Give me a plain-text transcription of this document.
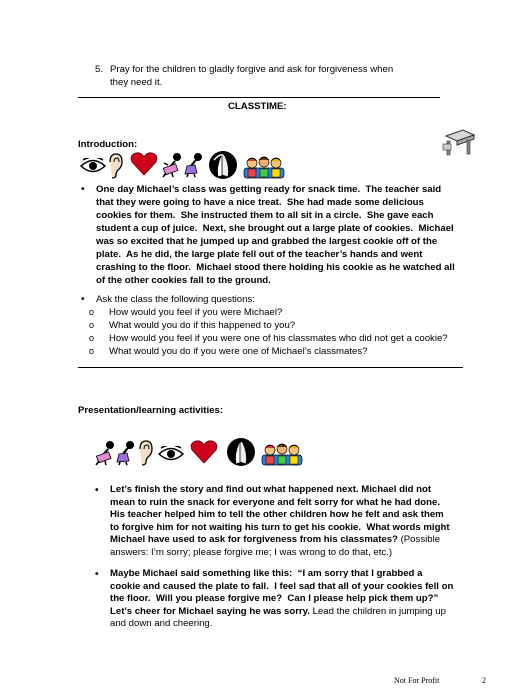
5. Pray for the children to gladly forgive and ask for forgiveness when
they need it.
CLASSTIME:
Introduction:
• One day Michael’s class was getting ready for snack time.  The teacher said
that they were going to have a nice treat.  She had made some delicious
cookies for them.  She instructed them to all sit in a circle.  She gave each
student a cup of juice.  Next, she brought out a large plate of cookies.  Michael
was so excited that he jumped up and grabbed the largest cookie off of the
plate.  As he did, the large plate fell out of the teacher’s hands and went
crashing to the floor.  Michael stood there holding his cookie as he watched all
of the other cookies fall to the ground.
• Ask the class the following questions:
o How would you feel if you were Michael?
o What would you do if this happened to you?
o How would you feel if you were one of his classmates who did not get a cookie?
o What would you do if you were one of Michael’s classmates?
Presentation/learning activities:
• Let’s finish the story and find out what happened next. Michael did not
mean to ruin the snack for everyone and felt sorry for what he had done.
His teacher helped him to tell the other children how he felt and ask them
to forgive him for not waiting his turn to get his cookie.  What words might
Michael have used to ask for forgiveness from his classmates? (Possible
answers: I’m sorry; please forgive me; I was wrong to do that, etc.)
• Maybe Michael said something like this:  “I am sorry that I grabbed a
cookie and caused the plate to fall.  I feel sad that all of your cookies fell on
the floor.  Will you please forgive me?  Can I please help pick them up?”
Let’s cheer for Michael saying he was sorry. Lead the children in jumping up
and down and cheering.
Not For Profit	2
